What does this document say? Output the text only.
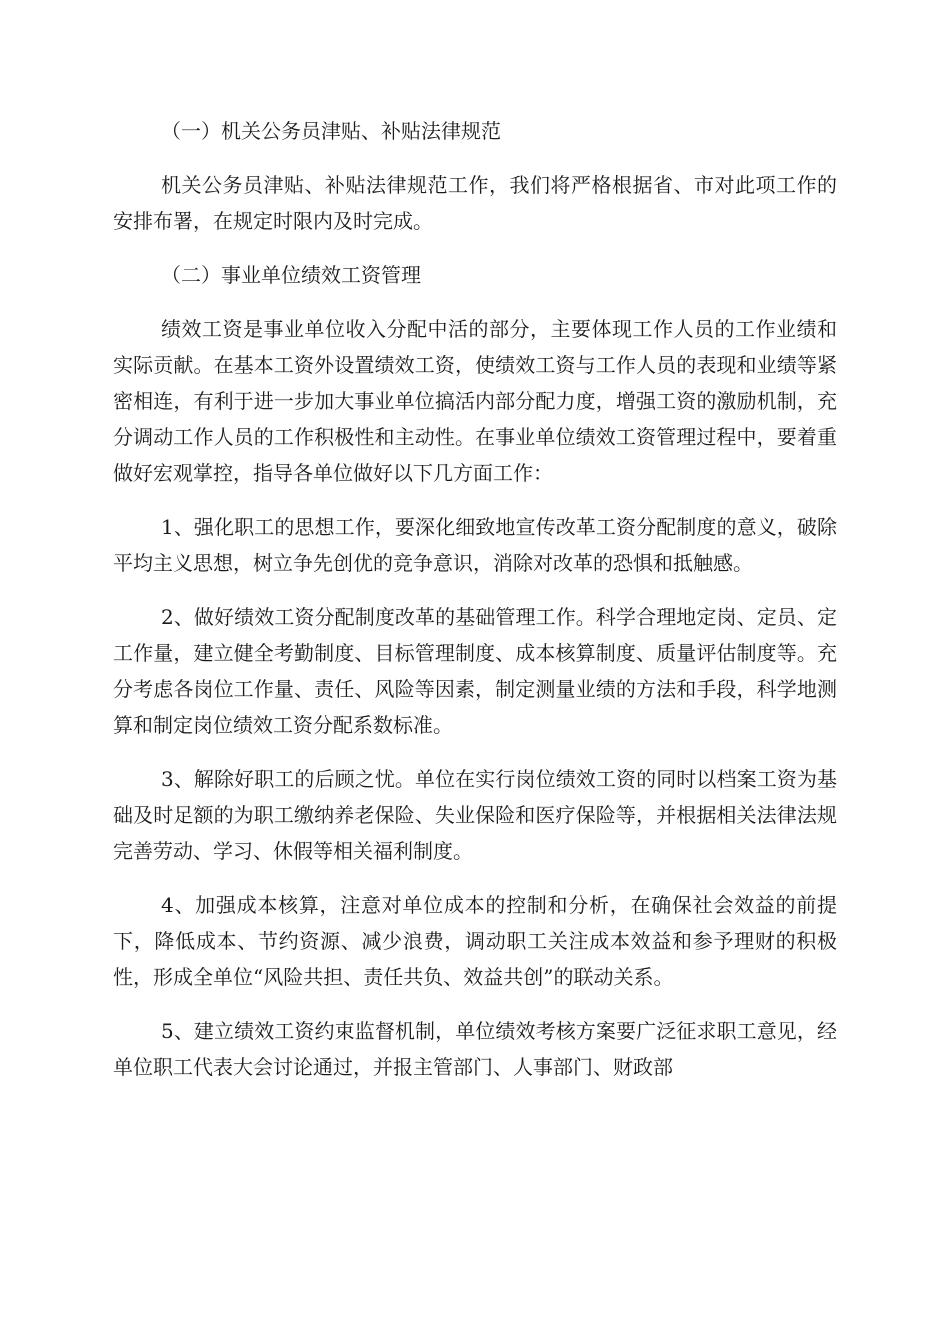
（一）机关公务员津贴、补贴法律规范

机关公务员津贴、补贴法律规范工作，我们将严格根据省、市对此项工作的安排布署，在规定时限内及时完成。

（二）事业单位绩效工资管理

绩效工资是事业单位收入分配中活的部分，主要体现工作人员的工作业绩和实际贡献。在基本工资外设置绩效工资，使绩效工资与工作人员的表现和业绩等紧密相连，有利于进一步加大事业单位搞活内部分配力度，增强工资的激励机制，充分调动工作人员的工作积极性和主动性。在事业单位绩效工资管理过程中，要着重做好宏观掌控，指导各单位做好以下几方面工作：

1、强化职工的思想工作，要深化细致地宣传改革工资分配制度的意义，破除平均主义思想，树立争先创优的竞争意识，消除对改革的恐惧和抵触感。

2、做好绩效工资分配制度改革的基础管理工作。科学合理地定岗、定员、定工作量，建立健全考勤制度、目标管理制度、成本核算制度、质量评估制度等。充分考虑各岗位工作量、责任、风险等因素，制定测量业绩的方法和手段，科学地测算和制定岗位绩效工资分配系数标准。

3、解除好职工的后顾之忧。单位在实行岗位绩效工资的同时以档案工资为基础及时足额的为职工缴纳养老保险、失业保险和医疗保险等，并根据相关法律法规完善劳动、学习、休假等相关福利制度。

4、加强成本核算，注意对单位成本的控制和分析，在确保社会效益的前提下，降低成本、节约资源、减少浪费，调动职工关注成本效益和参予理财的积极性，形成全单位“风险共担、责任共负、效益共创”的联动关系。

5、建立绩效工资约束监督机制，单位绩效考核方案要广泛征求职工意见，经单位职工代表大会讨论通过，并报主管部门、人事部门、财政部
